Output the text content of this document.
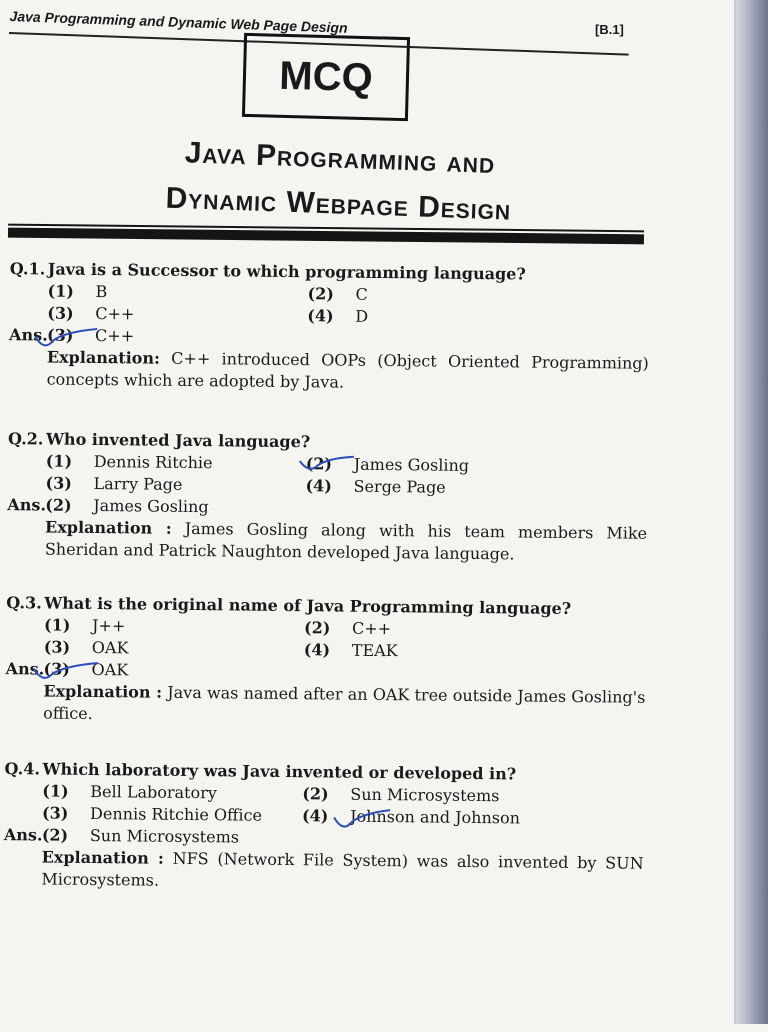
Java Programming and Dynamic Web Page Design	[B.1]
MCQ
Java Programming and
Dynamic Webpage Design
Q.1. Java is a Successor to which programming language?
(1) B	(2) C
(3) C++	(4) D
Ans.(3) C++
Explanation: C++ introduced OOPs (Object Oriented Programming) concepts which are adopted by Java.
Q.2. Who invented Java language?
(1) Dennis Ritchie	(2) James Gosling
(3) Larry Page	(4) Serge Page
Ans.(2) James Gosling
Explanation : James Gosling along with his team members Mike Sheridan and Patrick Naughton developed Java language.
Q.3. What is the original name of Java Programming language?
(1) J++	(2) C++
(3) OAK	(4) TEAK
Ans.(3) OAK
Explanation : Java was named after an OAK tree outside James Gosling's office.
Q.4. Which laboratory was Java invented or developed in?
(1) Bell Laboratory	(2) Sun Microsystems
(3) Dennis Ritchie Office	(4) Johnson and Johnson
Ans.(2) Sun Microsystems
Explanation : NFS (Network File System) was also invented by SUN Microsystems.
